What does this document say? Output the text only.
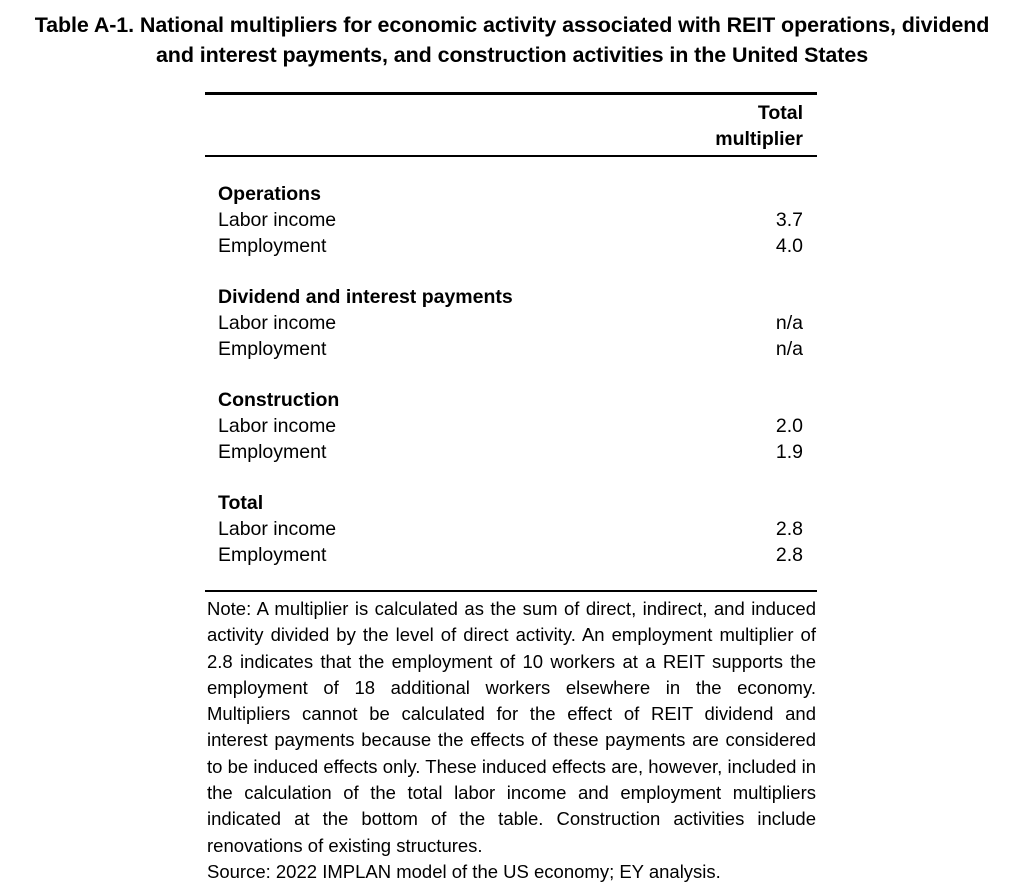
Table A-1. National multipliers for economic activity associated with REIT operations, dividend and interest payments, and construction activities in the United States
Total
multiplier
Operations
Labor income	3.7
Employment	4.0
Dividend and interest payments
Labor income	n/a
Employment	n/a
Construction
Labor income	2.0
Employment	1.9
Total
Labor income	2.8
Employment	2.8
Note: A multiplier is calculated as the sum of direct, indirect, and induced activity divided by the level of direct activity. An employment multiplier of 2.8 indicates that the employment of 10 workers at a REIT supports the employment of 18 additional workers elsewhere in the economy. Multipliers cannot be calculated for the effect of REIT dividend and interest payments because the effects of these payments are considered to be induced effects only. These induced effects are, however, included in the calculation of the total labor income and employment multipliers indicated at the bottom of the table. Construction activities include renovations of existing structures.
Source: 2022 IMPLAN model of the US economy; EY analysis.
